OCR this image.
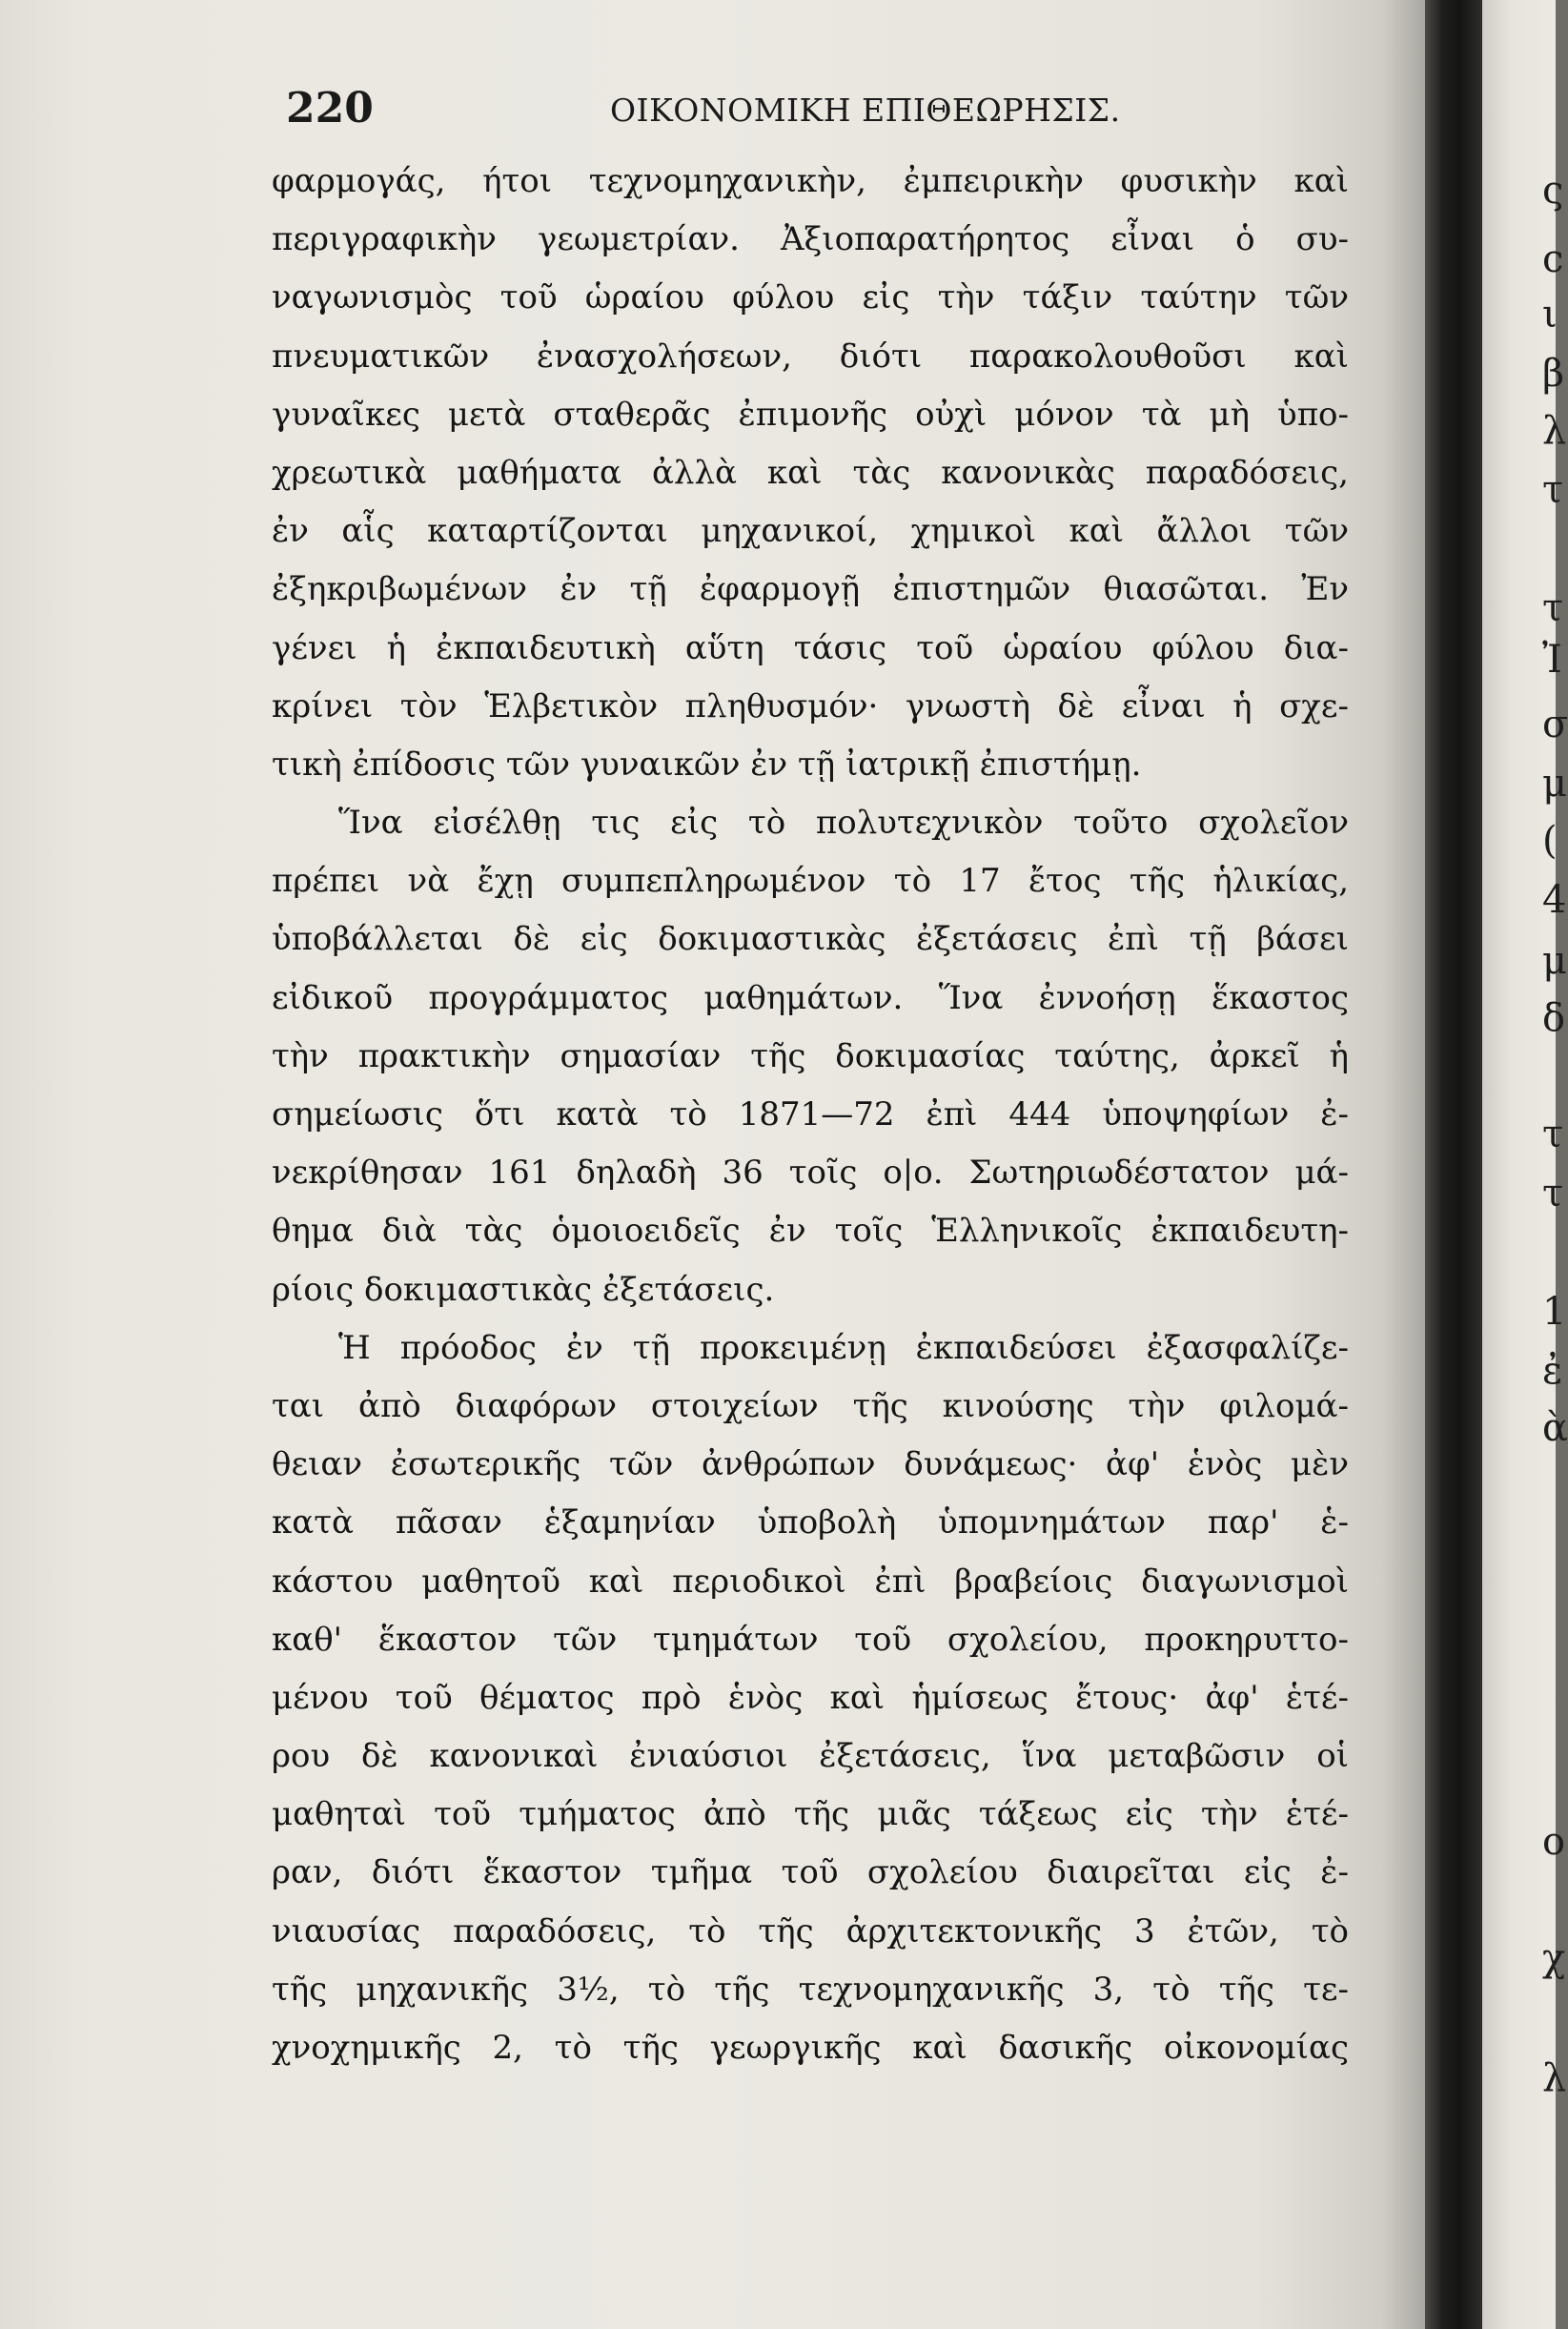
220	ΟΙΚΟΝΟΜΙΚΗ ΕΠΙΘΕΩΡΗΣΙΣ.
φαρμογάς, ήτοι τεχνομηχανικὴν, ἐμπειρικὴν φυσικὴν καὶ
περιγραφικὴν γεωμετρίαν. Ἀξιοπαρατήρητος εἶναι ὁ συ-
ναγωνισμὸς τοῦ ὡραίου φύλου εἰς τὴν τάξιν ταύτην τῶν
πνευματικῶν ἐνασχολήσεων, διότι παρακολουθοῦσι καὶ
γυναῖκες μετὰ σταθερᾶς ἐπιμονῆς οὐχὶ μόνον τὰ μὴ ὑπο-
χρεωτικὰ μαθήματα ἀλλὰ καὶ τὰς κανονικὰς παραδόσεις,
ἐν αἷς καταρτίζονται μηχανικοί, χημικοὶ καὶ ἄλλοι τῶν
ἐξηκριβωμένων ἐν τῇ ἐφαρμογῇ ἐπιστημῶν θιασῶται. Ἐν
γένει ἡ ἐκπαιδευτικὴ αὕτη τάσις τοῦ ὡραίου φύλου δια-
κρίνει τὸν Ἑλβετικὸν πληθυσμόν· γνωστὴ δὲ εἶναι ἡ σχε-
τικὴ ἐπίδοσις τῶν γυναικῶν ἐν τῇ ἰατρικῇ ἐπιστήμῃ.
Ἵνα εἰσέλθῃ τις εἰς τὸ πολυτεχνικὸν τοῦτο σχολεῖον
πρέπει νὰ ἔχῃ συμπεπληρωμένον τὸ 17 ἔτος τῆς ἡλικίας,
ὑποβάλλεται δὲ εἰς δοκιμαστικὰς ἐξετάσεις ἐπὶ τῇ βάσει
εἰδικοῦ προγράμματος μαθημάτων. Ἵνα ἐννοήσῃ ἕκαστος
τὴν πρακτικὴν σημασίαν τῆς δοκιμασίας ταύτης, ἀρκεῖ ἡ
σημείωσις ὅτι κατὰ τὸ 1871—72 ἐπὶ 444 ὑποψηφίων ἐ-
νεκρίθησαν 161 δηλαδὴ 36 τοῖς ο|ο. Σωτηριωδέστατον μά-
θημα διὰ τὰς ὁμοιοειδεῖς ἐν τοῖς Ἑλληνικοῖς ἐκπαιδευτη-
ρίοις δοκιμαστικὰς ἐξετάσεις.
Ἡ πρόοδος ἐν τῇ προκειμένῃ ἐκπαιδεύσει ἐξασφαλίζε-
ται ἀπὸ διαφόρων στοιχείων τῆς κινούσης τὴν φιλομά-
θειαν ἐσωτερικῆς τῶν ἀνθρώπων δυνάμεως· ἀφ' ἑνὸς μὲν
κατὰ πᾶσαν ἑξαμηνίαν ὑποβολὴ ὑπομνημάτων παρ' ἑ-
κάστου μαθητοῦ καὶ περιοδικοὶ ἐπὶ βραβείοις διαγωνισμοὶ
καθ' ἕκαστον τῶν τμημάτων τοῦ σχολείου, προκηρυττο-
μένου τοῦ θέματος πρὸ ἑνὸς καὶ ἡμίσεως ἔτους· ἀφ' ἑτέ-
ρου δὲ κανονικαὶ ἐνιαύσιοι ἐξετάσεις, ἵνα μεταβῶσιν οἱ
μαθηταὶ τοῦ τμήματος ἀπὸ τῆς μιᾶς τάξεως εἰς τὴν ἑτέ-
ραν, διότι ἕκαστον τμῆμα τοῦ σχολείου διαιρεῖται εἰς ἐ-
νιαυσίας παραδόσεις, τὸ τῆς ἀρχιτεκτονικῆς 3 ἐτῶν, τὸ
τῆς μηχανικῆς 3½, τὸ τῆς τεχνομηχανικῆς 3, τὸ τῆς τε-
χνοχημικῆς 2, τὸ τῆς γεωργικῆς καὶ δασικῆς οἰκονομίας
ς
c
ι
β
λ
τ
τ
Ἰ
σ
μ
(
4
μ
δ
τ
τ
1
ἐ
ὰ
ο
χ
λ
